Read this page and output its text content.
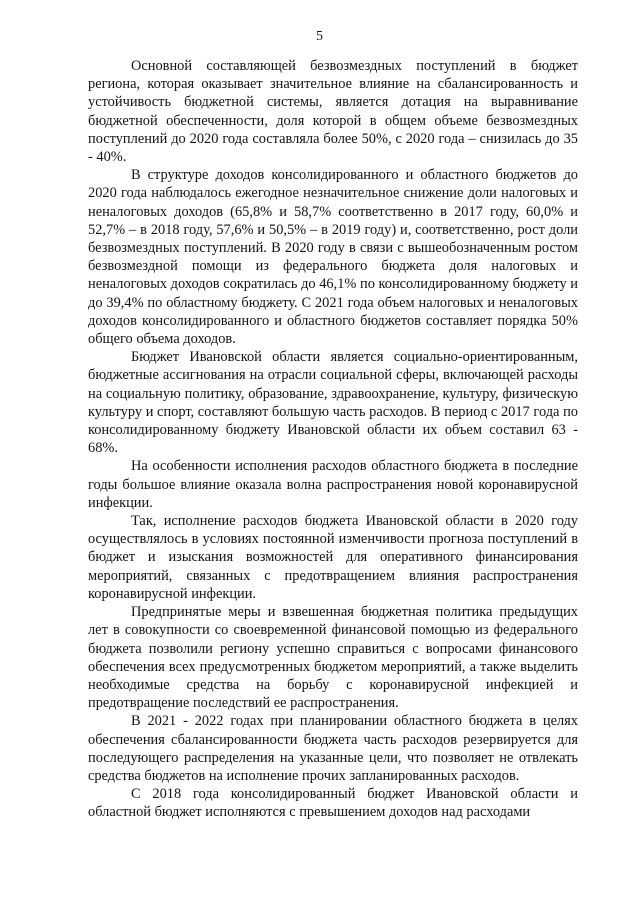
5

Основной составляющей безвозмездных поступлений в бюджет региона, которая оказывает значительное влияние на сбалансированность и устойчивость бюджетной системы, является дотация на выравнивание бюджетной обеспеченности, доля которой в общем объеме безвозмездных поступлений до 2020 года составляла более 50%, с 2020 года – снизилась до 35 - 40%.

В структуре доходов консолидированного и областного бюджетов до 2020 года наблюдалось ежегодное незначительное снижение доли налоговых и неналоговых доходов (65,8% и 58,7% соответственно в 2017 году, 60,0% и 52,7% – в 2018 году, 57,6% и 50,5% – в 2019 году) и, соответственно, рост доли безвозмездных поступлений. В 2020 году в связи с вышеобозначенным ростом безвозмездной помощи из федерального бюджета доля налоговых и неналоговых доходов сократилась до 46,1% по консолидированному бюджету и до 39,4% по областному бюджету. С 2021 года объем налоговых и неналоговых доходов консолидированного и областного бюджетов составляет порядка 50% общего объема доходов.

Бюджет Ивановской области является социально-ориентированным, бюджетные ассигнования на отрасли социальной сферы, включающей расходы на социальную политику, образование, здравоохранение, культуру, физическую культуру и спорт, составляют большую часть расходов. В период с 2017 года по консолидированному бюджету Ивановской области их объем составил 63 - 68%.

На особенности исполнения расходов областного бюджета в последние годы большое влияние оказала волна распространения новой коронавирусной инфекции.

Так, исполнение расходов бюджета Ивановской области в 2020 году осуществлялось в условиях постоянной изменчивости прогноза поступлений в бюджет и изыскания возможностей для оперативного финансирования мероприятий, связанных с предотвращением влияния распространения коронавирусной инфекции.

Предпринятые меры и взвешенная бюджетная политика предыдущих лет в совокупности со своевременной финансовой помощью из федерального бюджета позволили региону успешно справиться с вопросами финансового обеспечения всех предусмотренных бюджетом мероприятий, а также выделить необходимые средства на борьбу с коронавирусной инфекцией и предотвращение последствий ее распространения.

В 2021 - 2022 годах при планировании областного бюджета в целях обеспечения сбалансированности бюджета часть расходов резервируется для последующего распределения на указанные цели, что позволяет не отвлекать средства бюджетов на исполнение прочих запланированных расходов.

С 2018 года консолидированный бюджет Ивановской области и областной бюджет исполняются с превышением доходов над расходами
